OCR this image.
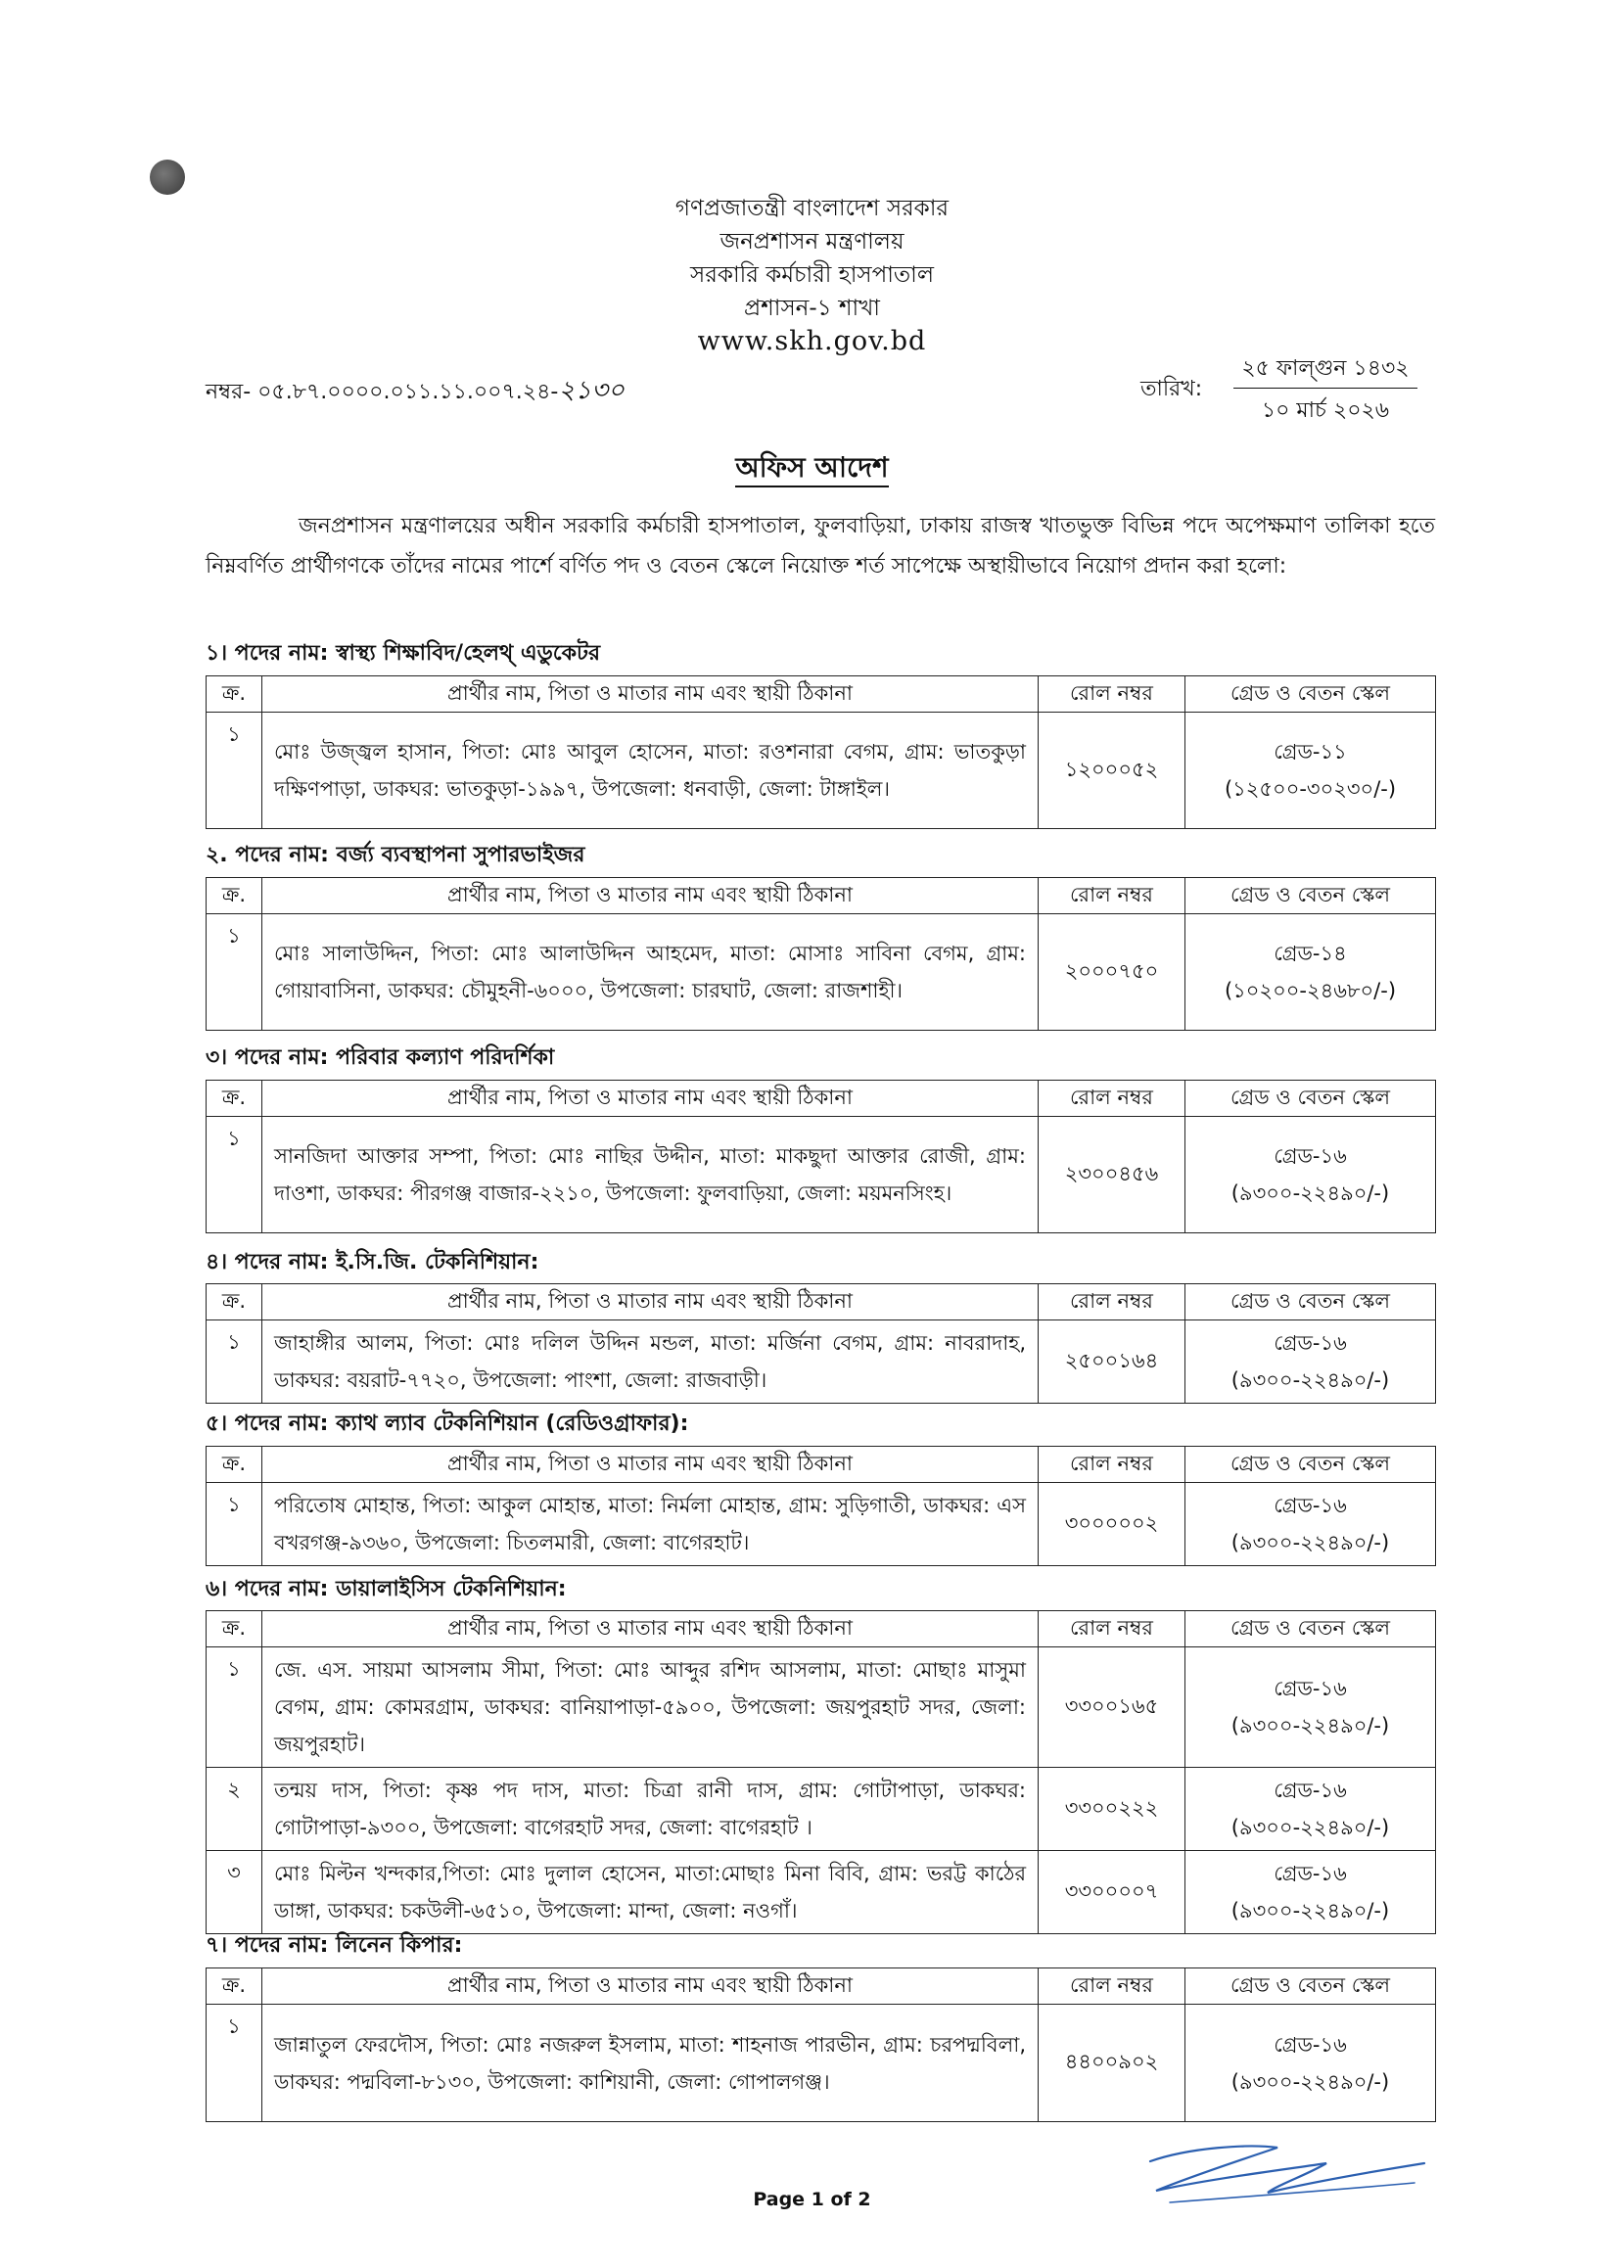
গণপ্রজাতন্ত্রী বাংলাদেশ সরকার
জনপ্রশাসন মন্ত্রণালয়
সরকারি কর্মচারী হাসপাতাল
প্রশাসন-১ শাখা
www.skh.gov.bd
নম্বর- ০৫.৮৭.০০০০.০১১.১১.০০৭.২৪-২১৩০	তারিখ:
২৫ ফাল্গুন ১৪৩২
১০ মার্চ ২০২৬
অফিস আদেশ

জনপ্রশাসন মন্ত্রণালয়ের অধীন সরকারি কর্মচারী হাসপাতাল, ফুলবাড়িয়া, ঢাকায় রাজস্ব খাতভুক্ত বিভিন্ন পদে অপেক্ষমাণ তালিকা হতে নিম্নবর্ণিত প্রার্থীগণকে তাঁদের নামের পার্শে বর্ণিত পদ ও বেতন স্কেলে নিয়োক্ত শর্ত সাপেক্ষে অস্থায়ীভাবে নিয়োগ প্রদান করা হলো:

১। পদের নাম: স্বাস্থ্য শিক্ষাবিদ/হেলথ্ এডুকেটর
ক্র.	প্রার্থীর নাম, পিতা ও মাতার নাম এবং স্থায়ী ঠিকানা	রোল নম্বর	গ্রেড ও বেতন স্কেল
১	মোঃ উজ্জ্বল হাসান, পিতা: মোঃ আবুল হোসেন, মাতা: রওশনারা বেগম, গ্রাম: ভাতকুড়া দক্ষিণপাড়া, ডাকঘর: ভাতকুড়া-১৯৯৭, উপজেলা: ধনবাড়ী, জেলা: টাঙ্গাইল।	১২০০০৫২	গ্রেড-১১
(১২৫০০-৩০২৩০/-)
২. পদের নাম: বর্জ্য ব্যবস্থাপনা সুপারভাইজর
ক্র.	প্রার্থীর নাম, পিতা ও মাতার নাম এবং স্থায়ী ঠিকানা	রোল নম্বর	গ্রেড ও বেতন স্কেল
১	মোঃ সালাউদ্দিন, পিতা: মোঃ আলাউদ্দিন আহমেদ, মাতা: মোসাঃ সাবিনা বেগম, গ্রাম: গোয়াবাসিনা, ডাকঘর: চৌমুহনী-৬০০০, উপজেলা: চারঘাট, জেলা: রাজশাহী।	২০০০৭৫০	গ্রেড-১৪
(১০২০০-২৪৬৮০/-)
৩। পদের নাম: পরিবার কল্যাণ পরিদর্শিকা
ক্র.	প্রার্থীর নাম, পিতা ও মাতার নাম এবং স্থায়ী ঠিকানা	রোল নম্বর	গ্রেড ও বেতন স্কেল
১	সানজিদা আক্তার সম্পা, পিতা: মোঃ নাছির উদ্দীন, মাতা: মাকছুদা আক্তার রোজী, গ্রাম: দাওশা, ডাকঘর: পীরগঞ্জ বাজার-২২১০, উপজেলা: ফুলবাড়িয়া, জেলা: ময়মনসিংহ।	২৩০০৪৫৬	গ্রেড-১৬
(৯৩০০-২২৪৯০/-)
৪। পদের নাম: ই.সি.জি. টেকনিশিয়ান:
ক্র.	প্রার্থীর নাম, পিতা ও মাতার নাম এবং স্থায়ী ঠিকানা	রোল নম্বর	গ্রেড ও বেতন স্কেল
১	জাহাঙ্গীর আলম, পিতা: মোঃ দলিল উদ্দিন মন্ডল, মাতা: মর্জিনা বেগম, গ্রাম: নাবরাদাহ, ডাকঘর: বয়রাট-৭৭২০, উপজেলা: পাংশা, জেলা: রাজবাড়ী।	২৫০০১৬৪	গ্রেড-১৬
(৯৩০০-২২৪৯০/-)
৫। পদের নাম: ক্যাথ ল্যাব টেকনিশিয়ান (রেডিওগ্রাফার):
ক্র.	প্রার্থীর নাম, পিতা ও মাতার নাম এবং স্থায়ী ঠিকানা	রোল নম্বর	গ্রেড ও বেতন স্কেল
১	পরিতোষ মোহান্ত, পিতা: আকুল মোহান্ত, মাতা: নির্মলা মোহান্ত, গ্রাম: সুড়িগাতী, ডাকঘর: এস বখরগঞ্জ-৯৩৬০, উপজেলা: চিতলমারী, জেলা: বাগেরহাট।	৩০০০০০২	গ্রেড-১৬
(৯৩০০-২২৪৯০/-)
৬। পদের নাম: ডায়ালাইসিস টেকনিশিয়ান:
ক্র.	প্রার্থীর নাম, পিতা ও মাতার নাম এবং স্থায়ী ঠিকানা	রোল নম্বর	গ্রেড ও বেতন স্কেল
১	জে. এস. সায়মা আসলাম সীমা, পিতা: মোঃ আব্দুর রশিদ আসলাম, মাতা: মোছাঃ মাসুমা বেগম, গ্রাম: কোমরগ্রাম, ডাকঘর: বানিয়াপাড়া-৫৯০০, উপজেলা: জয়পুরহাট সদর, জেলা: জয়পুরহাট।	৩৩০০১৬৫	গ্রেড-১৬
(৯৩০০-২২৪৯০/-)

২	তন্ময় দাস, পিতা: কৃষ্ণ পদ দাস, মাতা: চিত্রা রানী দাস, গ্রাম: গোটাপাড়া, ডাকঘর: গোটাপাড়া-৯৩০০, উপজেলা: বাগেরহাট সদর, জেলা: বাগেরহাট ।	৩৩০০২২২	গ্রেড-১৬
(৯৩০০-২২৪৯০/-)

৩	মোঃ মিল্টন খন্দকার,পিতা: মোঃ দুলাল হোসেন, মাতা:মোছাঃ মিনা বিবি, গ্রাম: ভরট্ট কাঠের ডাঙ্গা, ডাকঘর: চকউলী-৬৫১০, উপজেলা: মান্দা, জেলা: নওগাঁ।	৩৩০০০০৭	গ্রেড-১৬
(৯৩০০-২২৪৯০/-)
৭। পদের নাম: লিনেন কিপার:
ক্র.	প্রার্থীর নাম, পিতা ও মাতার নাম এবং স্থায়ী ঠিকানা	রোল নম্বর	গ্রেড ও বেতন স্কেল
১	জান্নাতুল ফেরদৌস, পিতা: মোঃ নজরুল ইসলাম, মাতা: শাহনাজ পারভীন, গ্রাম: চরপদ্মবিলা, ডাকঘর: পদ্মবিলা-৮১৩০, উপজেলা: কাশিয়ানী, জেলা: গোপালগঞ্জ।	৪৪০০৯০২	গ্রেড-১৬
(৯৩০০-২২৪৯০/-)
Page 1 of 2
